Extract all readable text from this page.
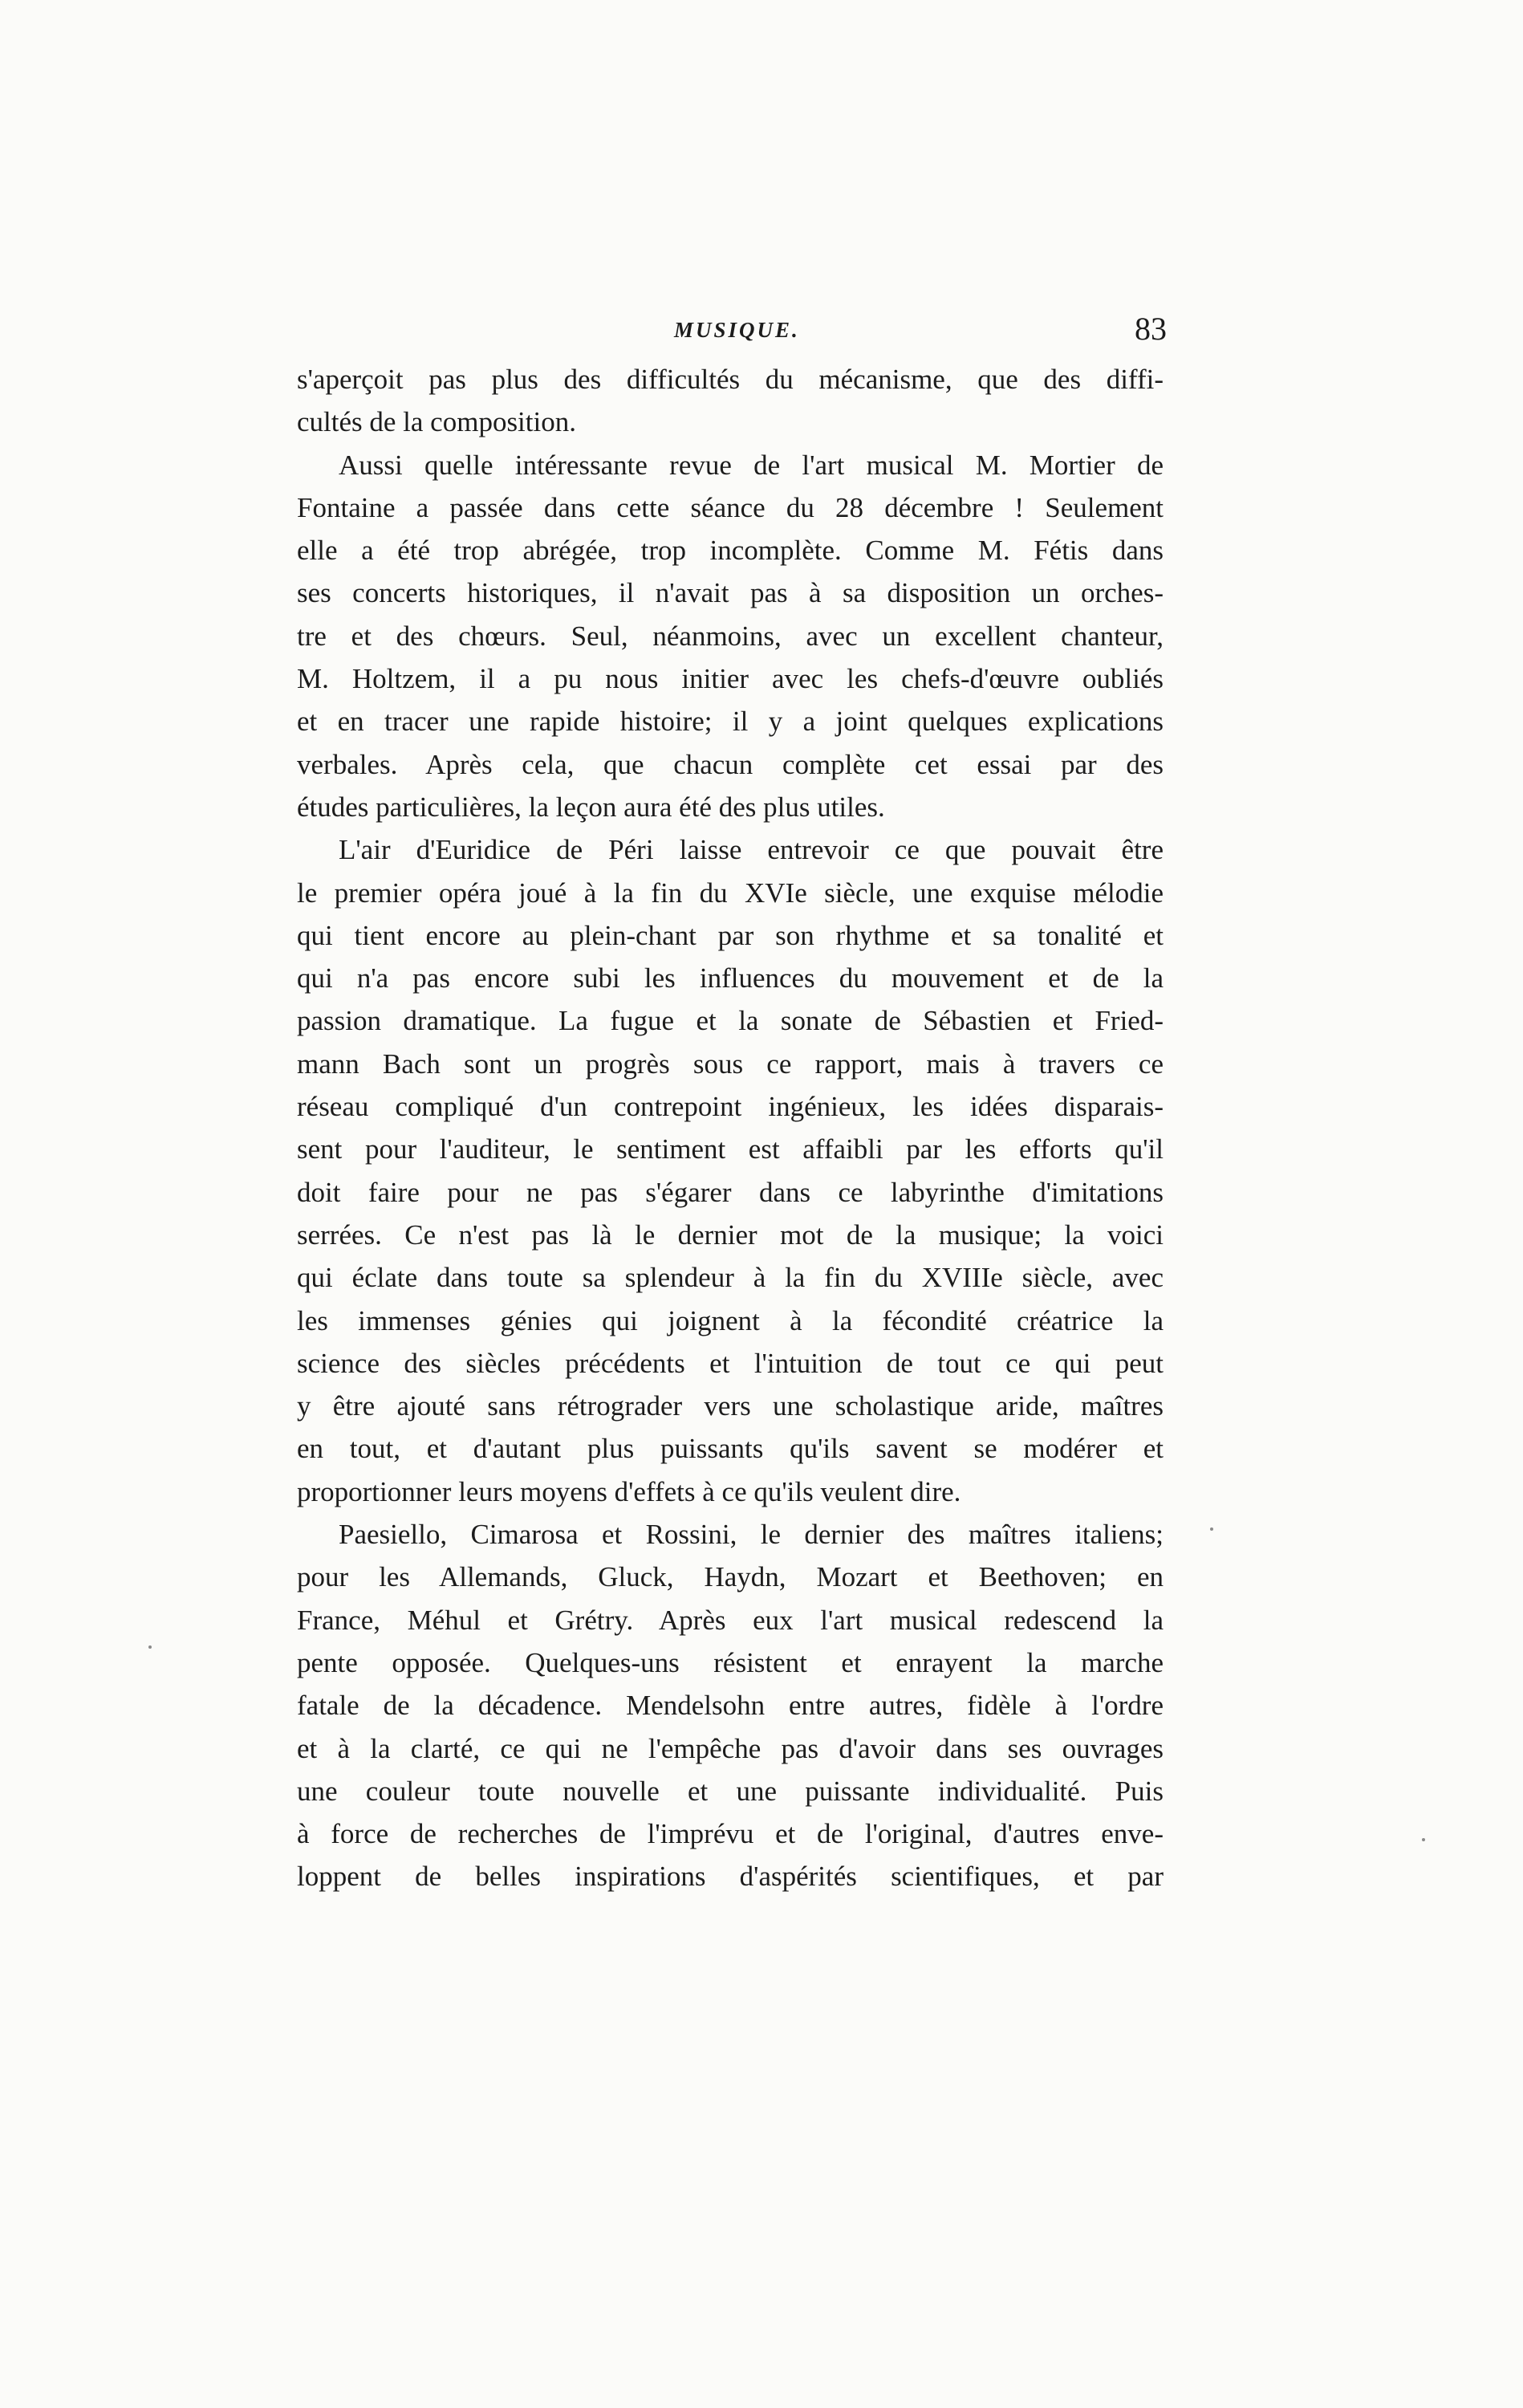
MUSIQUE.	83
s'aperçoit pas plus des difficultés du mécanisme, que des diffi-
cultés de la composition.
Aussi quelle intéressante revue de l'art musical M. Mortier de
Fontaine a passée dans cette séance du 28 décembre ! Seulement
elle a été trop abrégée, trop incomplète. Comme M. Fétis dans
ses concerts historiques, il n'avait pas à sa disposition un orches-
tre et des chœurs. Seul, néanmoins, avec un excellent chanteur,
M. Holtzem, il a pu nous initier avec les chefs-d'œuvre oubliés
et en tracer une rapide histoire; il y a joint quelques explications
verbales. Après cela, que chacun complète cet essai par des
études particulières, la leçon aura été des plus utiles.
L'air d'Euridice de Péri laisse entrevoir ce que pouvait être
le premier opéra joué à la fin du XVIe siècle, une exquise mélodie
qui tient encore au plein-chant par son rhythme et sa tonalité et
qui n'a pas encore subi les influences du mouvement et de la
passion dramatique. La fugue et la sonate de Sébastien et Fried-
mann Bach sont un progrès sous ce rapport, mais à travers ce
réseau compliqué d'un contrepoint ingénieux, les idées disparais-
sent pour l'auditeur, le sentiment est affaibli par les efforts qu'il
doit faire pour ne pas s'égarer dans ce labyrinthe d'imitations
serrées. Ce n'est pas là le dernier mot de la musique; la voici
qui éclate dans toute sa splendeur à la fin du XVIIIe siècle, avec
les immenses génies qui joignent à la fécondité créatrice la
science des siècles précédents et l'intuition de tout ce qui peut
y être ajouté sans rétrograder vers une scholastique aride, maîtres
en tout, et d'autant plus puissants qu'ils savent se modérer et
proportionner leurs moyens d'effets à ce qu'ils veulent dire.
Paesiello, Cimarosa et Rossini, le dernier des maîtres italiens;
pour les Allemands, Gluck, Haydn, Mozart et Beethoven; en
France, Méhul et Grétry. Après eux l'art musical redescend la
pente opposée. Quelques-uns résistent et enrayent la marche
fatale de la décadence. Mendelsohn entre autres, fidèle à l'ordre
et à la clarté, ce qui ne l'empêche pas d'avoir dans ses ouvrages
une couleur toute nouvelle et une puissante individualité. Puis
à force de recherches de l'imprévu et de l'original, d'autres enve-
loppent de belles inspirations d'aspérités scientifiques, et par
